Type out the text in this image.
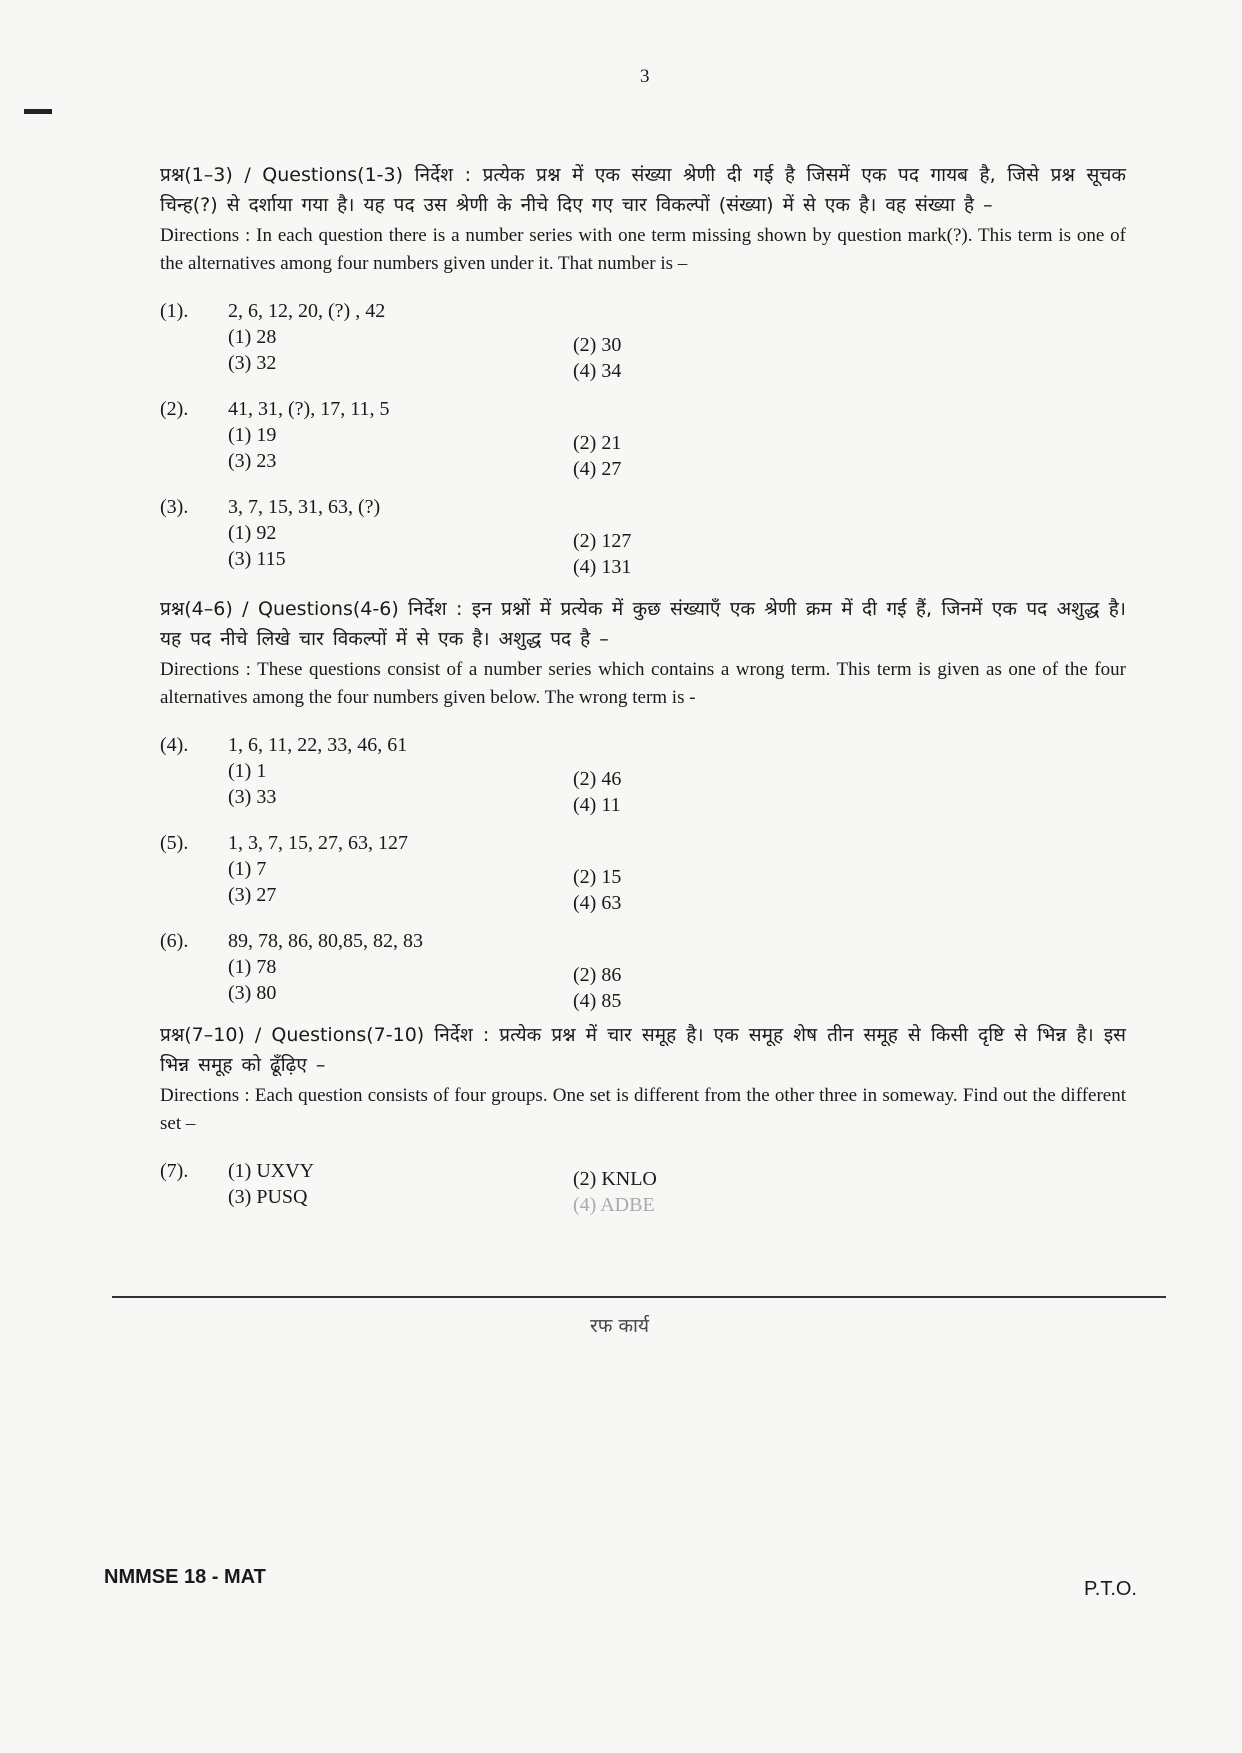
3
प्रश्न(1–3) / Questions(1-3) निर्देश : प्रत्येक प्रश्न में एक संख्या श्रेणी दी गई है जिसमें एक पद गायब है, जिसे प्रश्न सूचक चिन्ह(?) से दर्शाया गया है। यह पद उस श्रेणी के नीचे दिए गए चार विकल्पों (संख्या) में से एक है। वह संख्या है –
Directions : In each question there is a number series with one term missing shown by question mark(?). This term is one of the alternatives among four numbers given under it. That number is –
(1).	2, 6, 12, 20, (?) , 42
(1) 28	(2) 30
(3) 32	(4) 34
(2).	41, 31, (?), 17, 11, 5
(1) 19	(2) 21
(3) 23	(4) 27
(3).	3, 7, 15, 31, 63, (?)
(1) 92	(2) 127
(3) 115	(4) 131
प्रश्न(4–6) / Questions(4-6) निर्देश : इन प्रश्नों में प्रत्येक में कुछ संख्याएँ एक श्रेणी क्रम में दी गई हैं, जिनमें एक पद अशुद्ध है। यह पद नीचे लिखे चार विकल्पों में से एक है। अशुद्ध पद है –
Directions : These questions consist of a number series which contains a wrong term. This term is given as one of the four alternatives among the four numbers given below. The wrong term is -
(4).	1, 6, 11, 22, 33, 46, 61
(1) 1	(2) 46
(3) 33	(4) 11
(5).	1, 3, 7, 15, 27, 63, 127
(1) 7	(2) 15
(3) 27	(4) 63
(6).	89, 78, 86, 80,85, 82, 83
(1) 78	(2) 86
(3) 80	(4) 85
प्रश्न(7–10) / Questions(7-10) निर्देश : प्रत्येक प्रश्न में चार समूह है। एक समूह शेष तीन समूह से किसी दृष्टि से भिन्न है। इस भिन्न समूह को ढूँढ़िए –
Directions : Each question consists of four groups. One set is different from the other three in someway. Find out the different set –
(7).	(1) UXVY	(2) KNLO
(3) PUSQ	(4) ADBE
रफ कार्य
NMMSE 18 - MAT
P.T.O.
